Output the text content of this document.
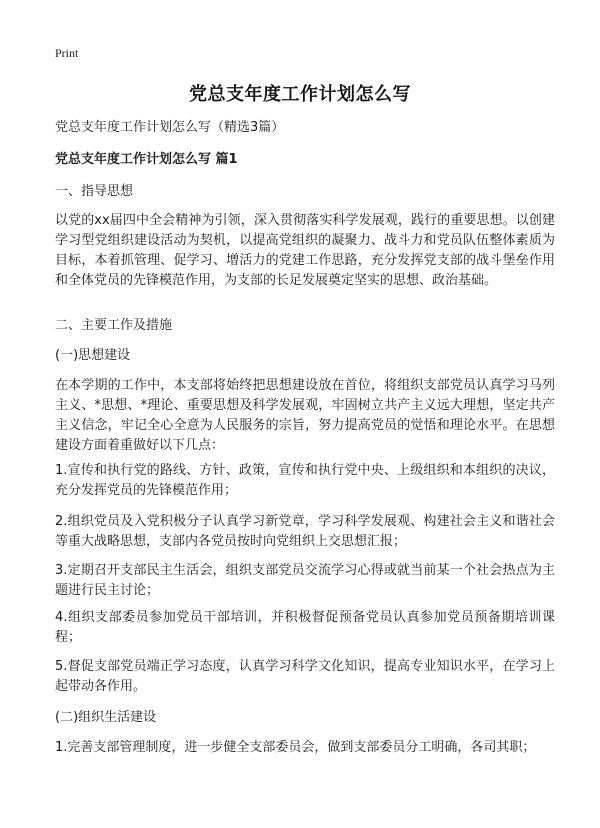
Print
党总支年度工作计划怎么写
党总支年度工作计划怎么写（精选3篇）
党总支年度工作计划怎么写 篇1
一、指导思想
以党的xx届四中全会精神为引领，深入贯彻落实科学发展观，践行的重要思想。以创建学习型党组织建设活动为契机，以提高党组织的凝聚力、战斗力和党员队伍整体素质为目标，本着抓管理、促学习、增活力的党建工作思路，充分发挥党支部的战斗堡垒作用和全体党员的先锋模范作用，为支部的长足发展奠定坚实的思想、政治基础。
二、主要工作及措施
(一)思想建设
在本学期的工作中，本支部将始终把思想建设放在首位，将组织支部党员认真学习马列主义、*思想、*理论、重要思想及科学发展观，牢固树立共产主义远大理想，坚定共产主义信念，牢记全心全意为人民服务的宗旨，努力提高党员的觉悟和理论水平。在思想建设方面着重做好以下几点：
1.宣传和执行党的路线、方针、政策，宣传和执行党中央、上级组织和本组织的决议，充分发挥党员的先锋模范作用；
2.组织党员及入党积极分子认真学习新党章，学习科学发展观、构建社会主义和谐社会等重大战略思想，支部内各党员按时向党组织上交思想汇报；
3.定期召开支部民主生活会，组织支部党员交流学习心得或就当前某一个社会热点为主题进行民主讨论；
4.组织支部委员参加党员干部培训，并积极督促预备党员认真参加党员预备期培训课程；
5.督促支部党员端正学习态度，认真学习科学文化知识，提高专业知识水平，在学习上起带动各作用。
(二)组织生活建设
1.完善支部管理制度，进一步健全支部委员会，做到支部委员分工明确，各司其职；
